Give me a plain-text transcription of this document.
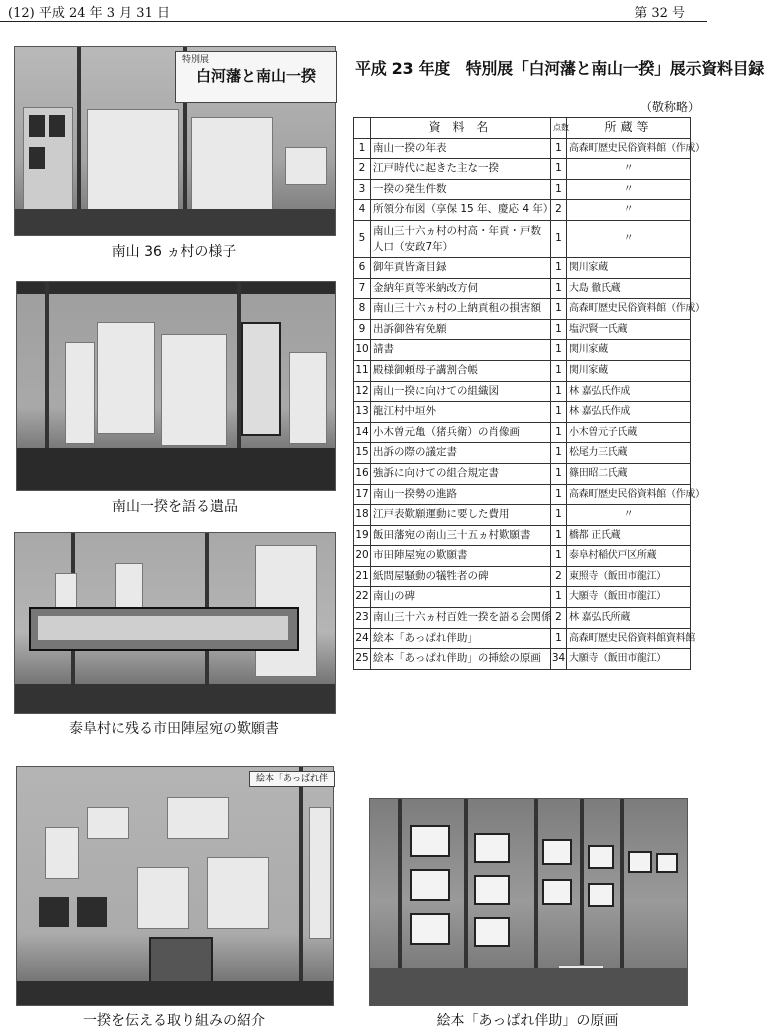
(12) 平成 24 年 3 月 31 日	第 32 号
特別展
白河藩と南山一揆
南山 36 ヵ村の様子
南山一揆を語る遺品
泰阜村に残る市田陣屋宛の歎願書
絵本「あっぱれ伴
一揆を伝える取り組みの紹介	絵本「あっぱれ伴助」の原画
平成 23 年度　特別展「白河藩と南山一揆」展示資料目録
（敬称略）
	資 料 名	点数	所蔵等
1	南山一揆の年表	1	高森町歴史民俗資料館（作成）
2	江戸時代に起きた主な一揆	1	〃
3	一揆の発生件数	1	〃
4	所領分布図（享保 15 年、慶応 4 年）	2	〃
5	南山三十六ヵ村の村高・年貢・戸数人口（安政7年）	1	〃
6	御年貢皆斎目録	1	関川家蔵
7	金納年貢等米納改方伺	1	大島 徹氏蔵
8	南山三十六ヵ村の上納貢租の損害額	1	高森町歴史民俗資料館（作成）
9	出訴御咎宥免願	1	塩沢賢一氏蔵
10	請書	1	関川家蔵
11	殿様御頼母子講割合帳	1	関川家蔵
12	南山一揆に向けての組織図	1	林 嘉弘氏作成
13	龍江村中垣外	1	林 嘉弘氏作成
14	小木曽元亀（猪兵衛）の肖像画	1	小木曽元子氏蔵
15	出訴の際の議定書	1	松尾力三氏蔵
16	強訴に向けての組合規定書	1	篠田昭二氏蔵
17	南山一揆勢の進路	1	高森町歴史民俗資料館（作成）
18	江戸表歎願運動に要した費用	1	〃
19	飯田藩宛の南山三十五ヵ村歎願書	1	橋都 正氏蔵
20	市田陣屋宛の歎願書	1	泰阜村稲伏戸区所蔵
21	紙問屋騒動の犠牲者の碑	2	東照寺（飯田市龍江）
22	南山の碑	1	大願寺（飯田市龍江）
23	南山三十六ヵ村百姓一揆を語る会関係	2	林 嘉弘氏所蔵
24	絵本「あっぱれ伴助」	1	高森町歴史民俗資料館資料館
25	絵本「あっぱれ伴助」の挿絵の原画	34	大願寺（飯田市龍江）
